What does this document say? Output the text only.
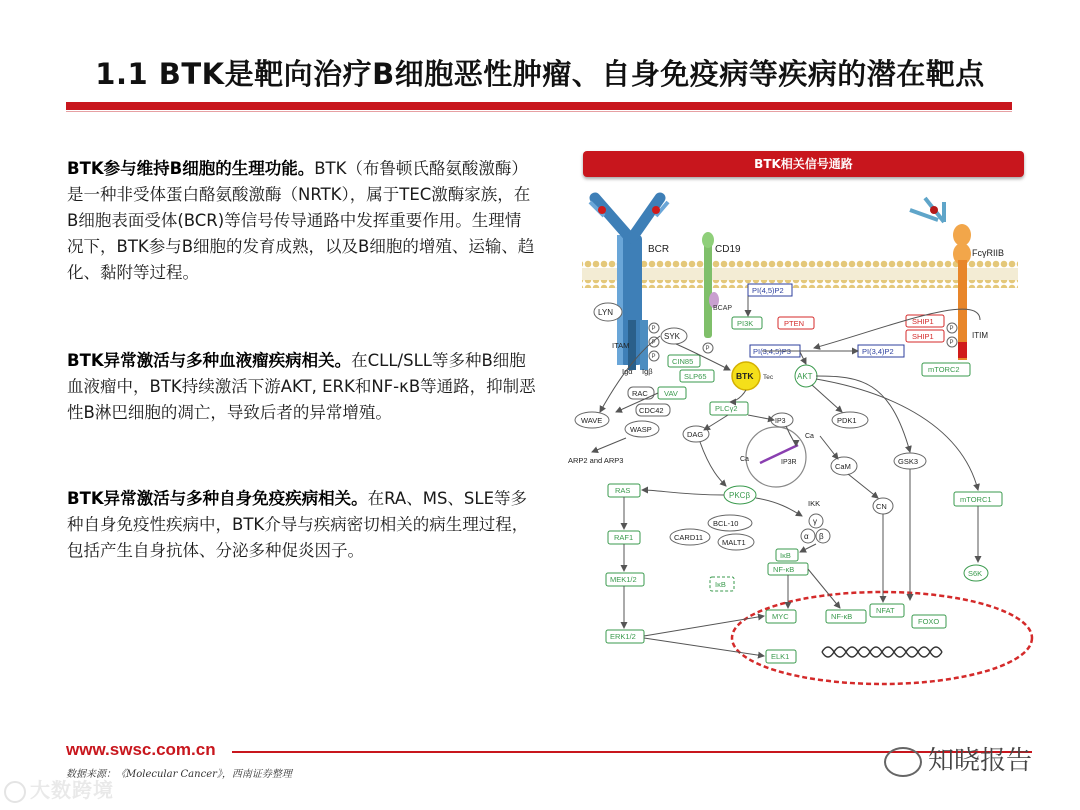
1.1 BTK是靶向治疗B细胞恶性肿瘤、自身免疫病等疾病的潜在靶点
BTK参与维持B细胞的生理功能。BTK（布鲁顿氏酪氨酸激酶）是一种非受体蛋白酪氨酸激酶（NRTK），属于TEC激酶家族，在B细胞表面受体(BCR)等信号传导通路中发挥重要作用。生理情况下，BTK参与B细胞的发育成熟，以及B细胞的增殖、运输、趋化、黏附等过程。
BTK异常激活与多种血液瘤疾病相关。在CLL/SLL等多种B细胞血液瘤中，BTK持续激活下游AKT, ERK和NF-κB等通路，抑制恶性B淋巴细胞的凋亡，导致后者的异常增殖。
BTK异常激活与多种自身免疫疾病相关。在RA、MS、SLE等多种自身免疫性疾病中，BTK介导与疾病密切相关的病生理过程，包括产生自身抗体、分泌多种促炎因子。
BTK相关信号通路
BCR	CD19
BCAP
FcγRIIB
ITIM
P
P
P
P
P
P
LYN
ITAM
Igα Igβ
SYK
PI(4,5)P2
PI3K	PTEN
PI(3,4,5)P3	PI(3,4)P2
SHIP1
SHIP1
mTORC2
CIN85
SLP65	BTK Tec	AKT
RAC VAV
CDC42
WAVE
WASP
ARP2 and ARP3
PLCγ2
DAG
IP3
Ca	IP3R
Ca
PDK1
CaM
GSK3
CN
mTORC1
S6K
RAS
RAF1
MEK1/2
ERK1/2
PKCβ
BCL-10
CARD11
MALT1
IKK
γ
α β
IκB
NF-κB
IκB
MYC	NF-κB
NFAT
FOXO
ELK1
www.swsc.com.cn
数据来源：《Molecular Cancer》，西南证券整理
大数跨境
知晓报告
